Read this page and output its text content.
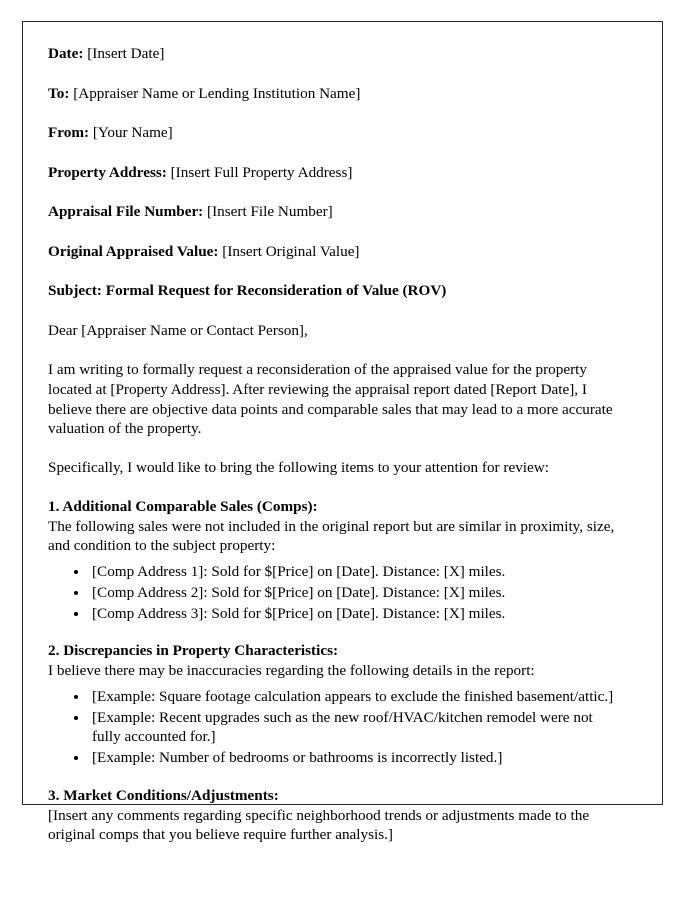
Date: [Insert Date]

To: [Appraiser Name or Lending Institution Name]

From: [Your Name]

Property Address: [Insert Full Property Address]

Appraisal File Number: [Insert File Number]

Original Appraised Value: [Insert Original Value]

Subject: Formal Request for Reconsideration of Value (ROV)

Dear [Appraiser Name or Contact Person],

I am writing to formally request a reconsideration of the appraised value for the property located at [Property Address]. After reviewing the appraisal report dated [Report Date], I believe there are objective data points and comparable sales that may lead to a more accurate valuation of the property.

Specifically, I would like to bring the following items to your attention for review:

1. Additional Comparable Sales (Comps):

The following sales were not included in the original report but are similar in proximity, size, and condition to the subject property:

• [Comp Address 1]: Sold for $[Price] on [Date]. Distance: [X] miles.
• [Comp Address 2]: Sold for $[Price] on [Date]. Distance: [X] miles.
• [Comp Address 3]: Sold for $[Price] on [Date]. Distance: [X] miles.

2. Discrepancies in Property Characteristics:

I believe there may be inaccuracies regarding the following details in the report:

• [Example: Square footage calculation appears to exclude the finished basement/attic.]
• [Example: Recent upgrades such as the new roof/HVAC/kitchen remodel were not fully accounted for.]
• [Example: Number of bedrooms or bathrooms is incorrectly listed.]

3. Market Conditions/Adjustments:

[Insert any comments regarding specific neighborhood trends or adjustments made to the original comps that you believe require further analysis.]
